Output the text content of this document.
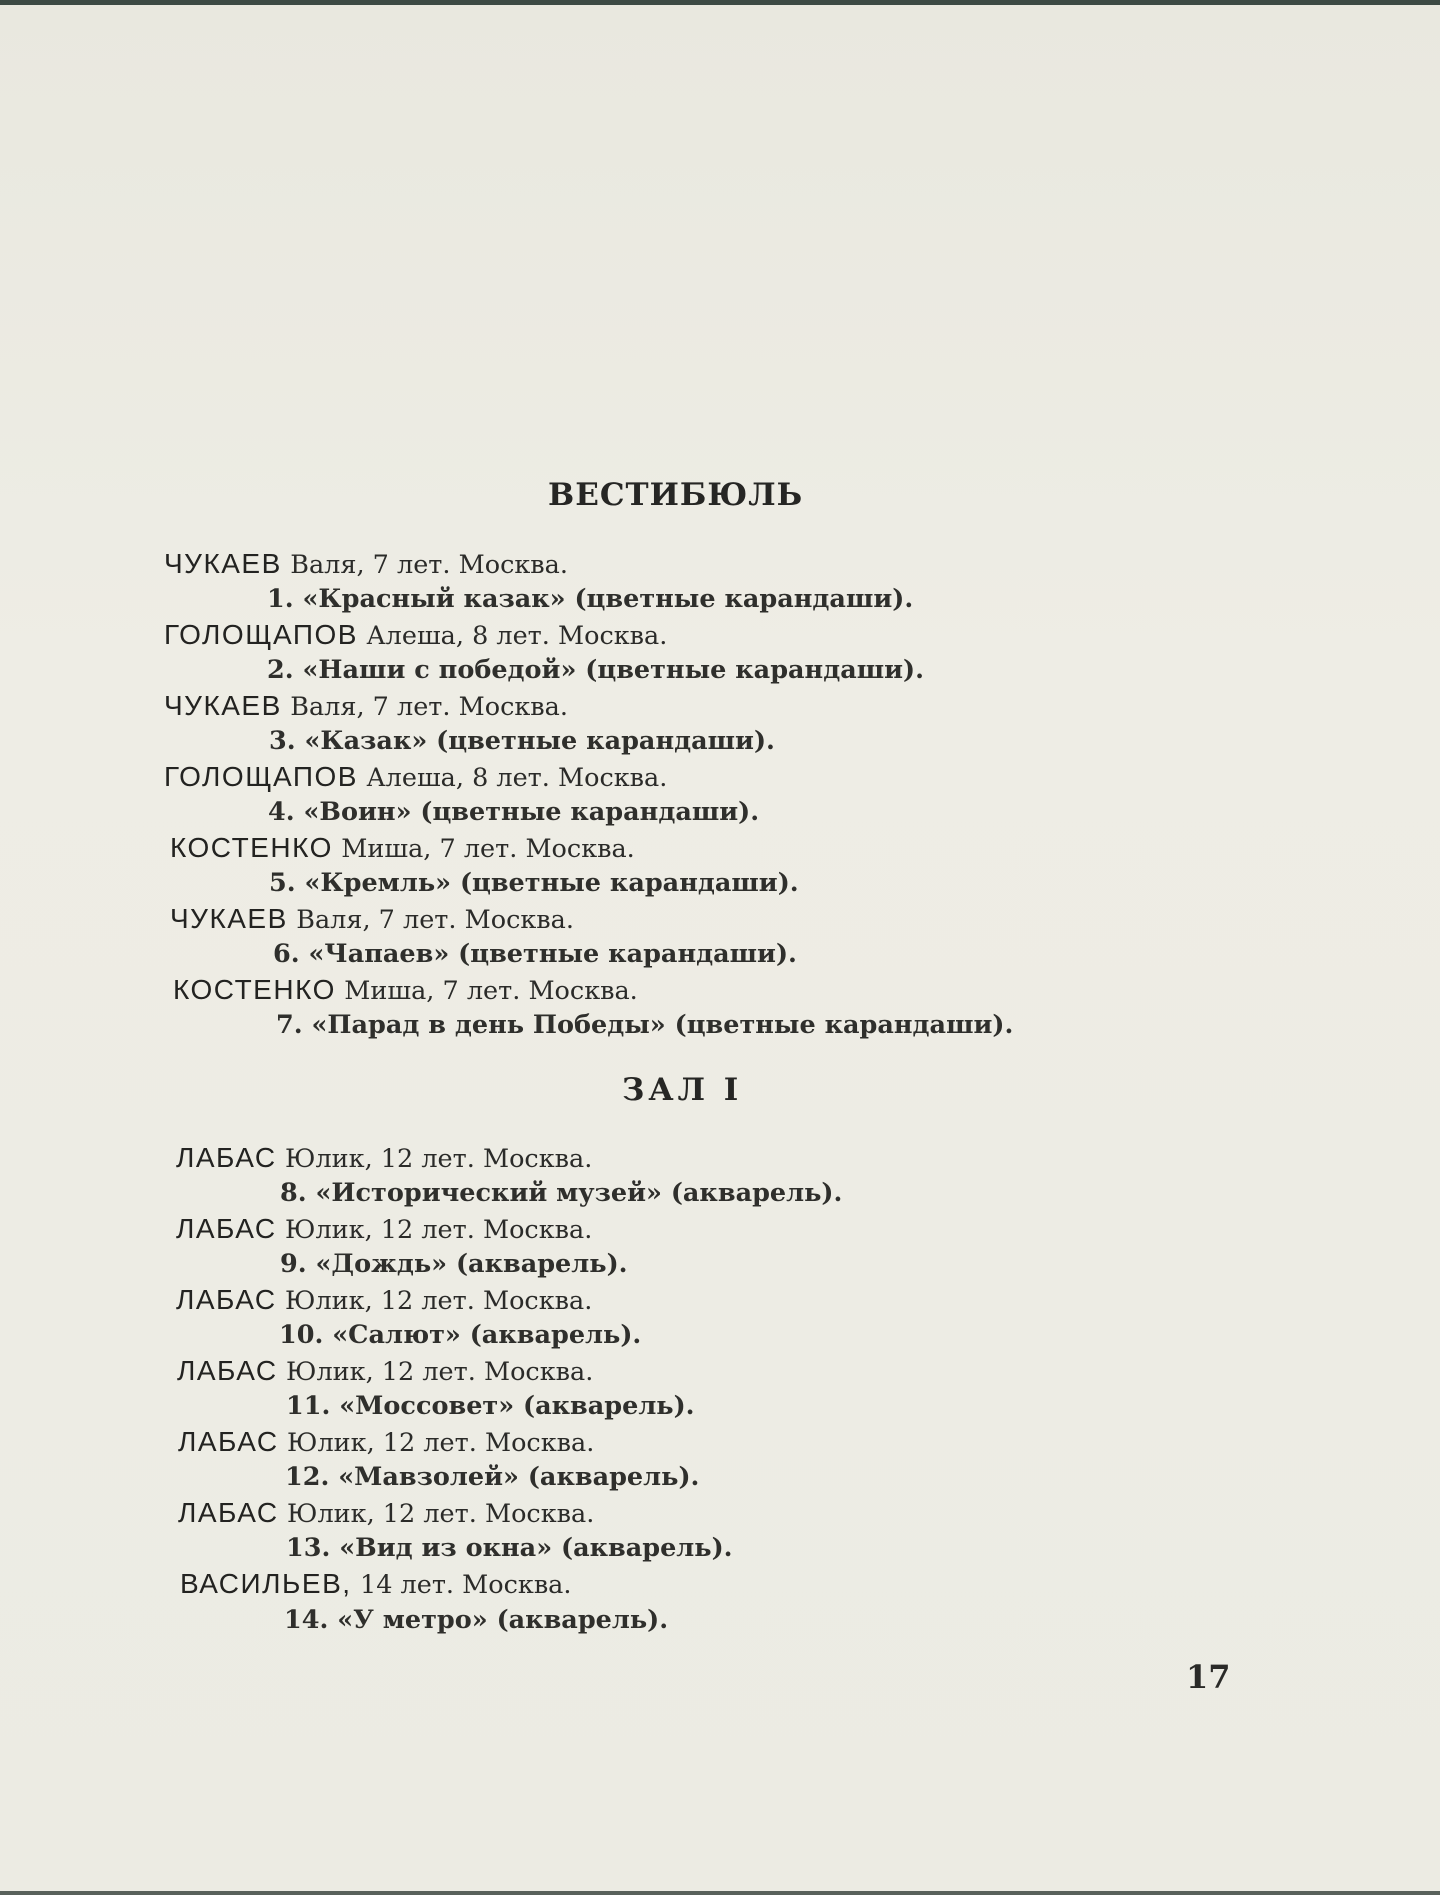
ВЕСТИБЮЛЬ
ЗАЛ I
ЧУКАЕВ Валя, 7 лет. Москва.
1. «Красный казак» (цветные карандаши).
ГОЛОЩАПОВ Алеша, 8 лет. Москва.
2. «Наши с победой» (цветные карандаши).
ЧУКАЕВ Валя, 7 лет. Москва.
3. «Казак» (цветные карандаши).
ГОЛОЩАПОВ Алеша, 8 лет. Москва.
4. «Воин» (цветные карандаши).
КОСТЕНКО Миша, 7 лет. Москва.
5. «Кремль» (цветные карандаши).
ЧУКАЕВ Валя, 7 лет. Москва.
6. «Чапаев» (цветные карандаши).
КОСТЕНКО Миша, 7 лет. Москва.
7. «Парад в день Победы» (цветные карандаши).
ЛАБАС Юлик, 12 лет. Москва.
8. «Исторический музей» (акварель).
ЛАБАС Юлик, 12 лет. Москва.
9. «Дождь» (акварель).
ЛАБАС Юлик, 12 лет. Москва.
10. «Салют» (акварель).
ЛАБАС Юлик, 12 лет. Москва.
11. «Моссовет» (акварель).
ЛАБАС Юлик, 12 лет. Москва.
12. «Мавзолей» (акварель).
ЛАБАС Юлик, 12 лет. Москва.
13. «Вид из окна» (акварель).
ВАСИЛЬЕВ, 14 лет. Москва.
14. «У метро» (акварель).
17
